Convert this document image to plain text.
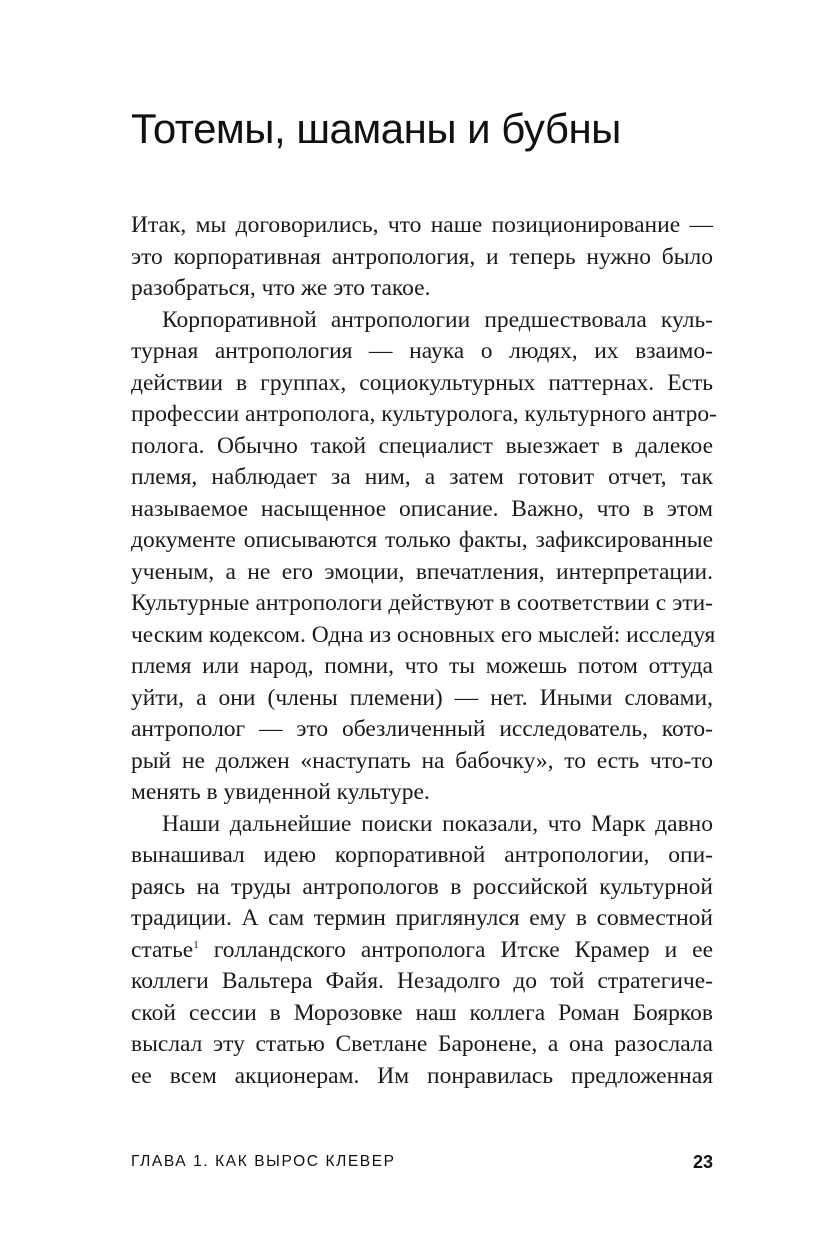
Тотемы, шаманы и бубны

Итак, мы договорились, что наше позиционирование —
это корпоративная антропология, и теперь нужно было
разобраться, что же это такое.

Корпоративной антропологии предшествовала куль-
турная антропология — наука о людях, их взаимо-
действии в группах, социокультурных паттернах. Есть
профессии антрополога, культуролога, культурного антро-
полога. Обычно такой специалист выезжает в далекое
племя, наблюдает за ним, а затем готовит отчет, так
называемое насыщенное описание. Важно, что в этом
документе описываются только факты, зафиксированные
ученым, а не его эмоции, впечатления, интерпретации.
Культурные антропологи действуют в соответствии с эти-
ческим кодексом. Одна из основных его мыслей: исследуя
племя или народ, помни, что ты можешь потом оттуда
уйти, а они (члены племени) — нет. Иными словами,
антрополог — это обезличенный исследователь, кото-
рый не должен «наступать на бабочку», то есть что-то
менять в увиденной культуре.

Наши дальнейшие поиски показали, что Марк давно
вынашивал идею корпоративной антропологии, опи-
раясь на труды антропологов в российской культурной
традиции. А сам термин приглянулся ему в совместной
статье$^1$ голландского антрополога Итске Крамер и ее
коллеги Вальтера Файя. Незадолго до той стратегиче-
ской сессии в Морозовке наш коллега Роман Боярков
выслал эту статью Светлане Баронене, а она разослала
ее всем акционерам. Им понравилась предложенная

ГЛАВА 1. КАК ВЫРОС КЛЕВЕР	23
